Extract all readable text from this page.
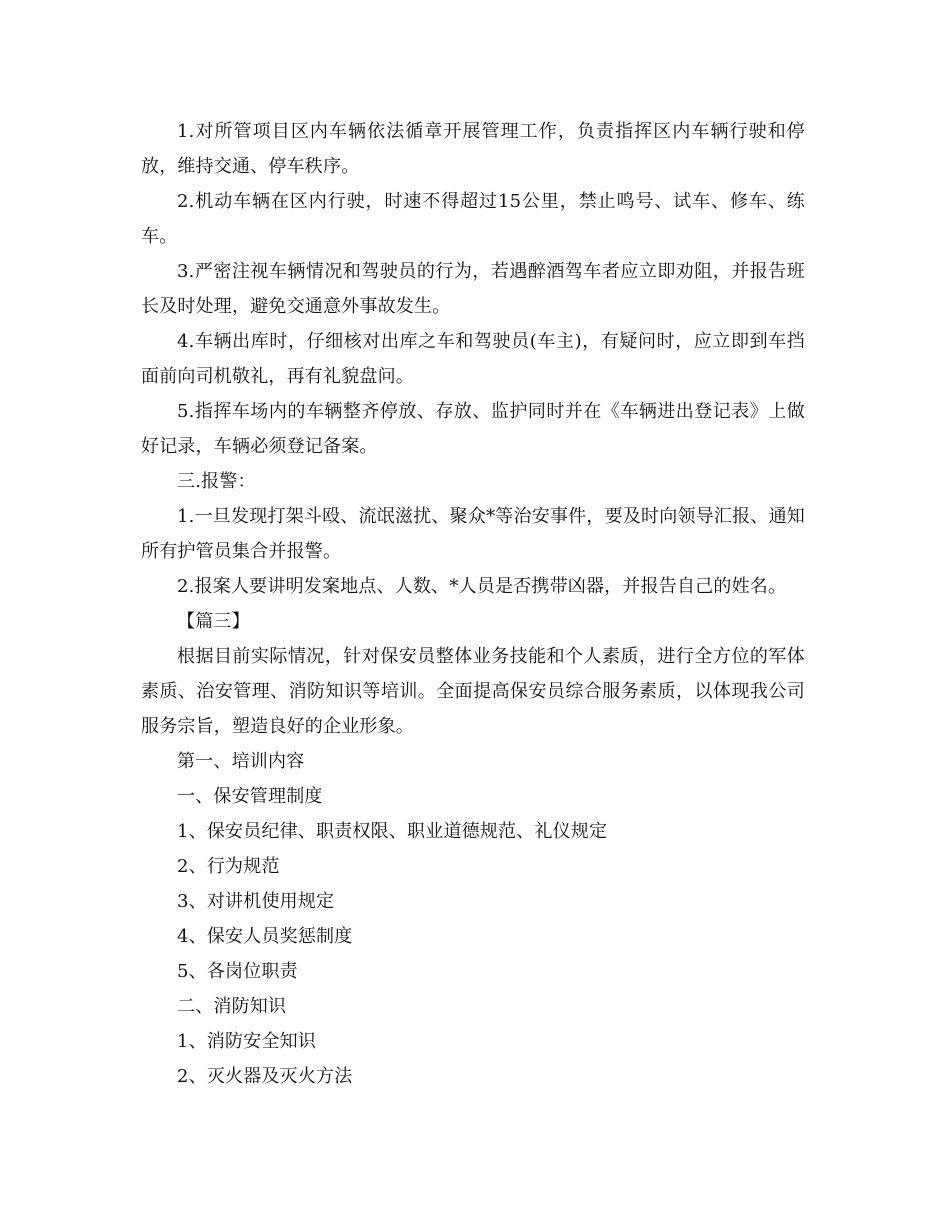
1.对所管项目区内车辆依法循章开展管理工作，负责指挥区内车辆行驶和停放，维持交通、停车秩序。

2.机动车辆在区内行驶，时速不得超过15公里，禁止鸣号、试车、修车、练车。

3.严密注视车辆情况和驾驶员的行为，若遇醉酒驾车者应立即劝阻，并报告班长及时处理，避免交通意外事故发生。

4.车辆出库时，仔细核对出库之车和驾驶员(车主)，有疑问时，应立即到车挡面前向司机敬礼，再有礼貌盘问。

5.指挥车场内的车辆整齐停放、存放、监护同时并在《车辆进出登记表》上做好记录，车辆必须登记备案。

三.报警：

1.一旦发现打架斗殴、流氓滋扰、聚众*等治安事件，要及时向领导汇报、通知所有护管员集合并报警。

2.报案人要讲明发案地点、人数、*人员是否携带凶器，并报告自己的姓名。

【篇三】

根据目前实际情况，针对保安员整体业务技能和个人素质，进行全方位的军体素质、治安管理、消防知识等培训。全面提高保安员综合服务素质，以体现我公司服务宗旨，塑造良好的企业形象。

第一、培训内容

一、保安管理制度

1、保安员纪律、职责权限、职业道德规范、礼仪规定

2、行为规范

3、对讲机使用规定

4、保安人员奖惩制度

5、各岗位职责

二、消防知识

1、消防安全知识

2、灭火器及灭火方法
